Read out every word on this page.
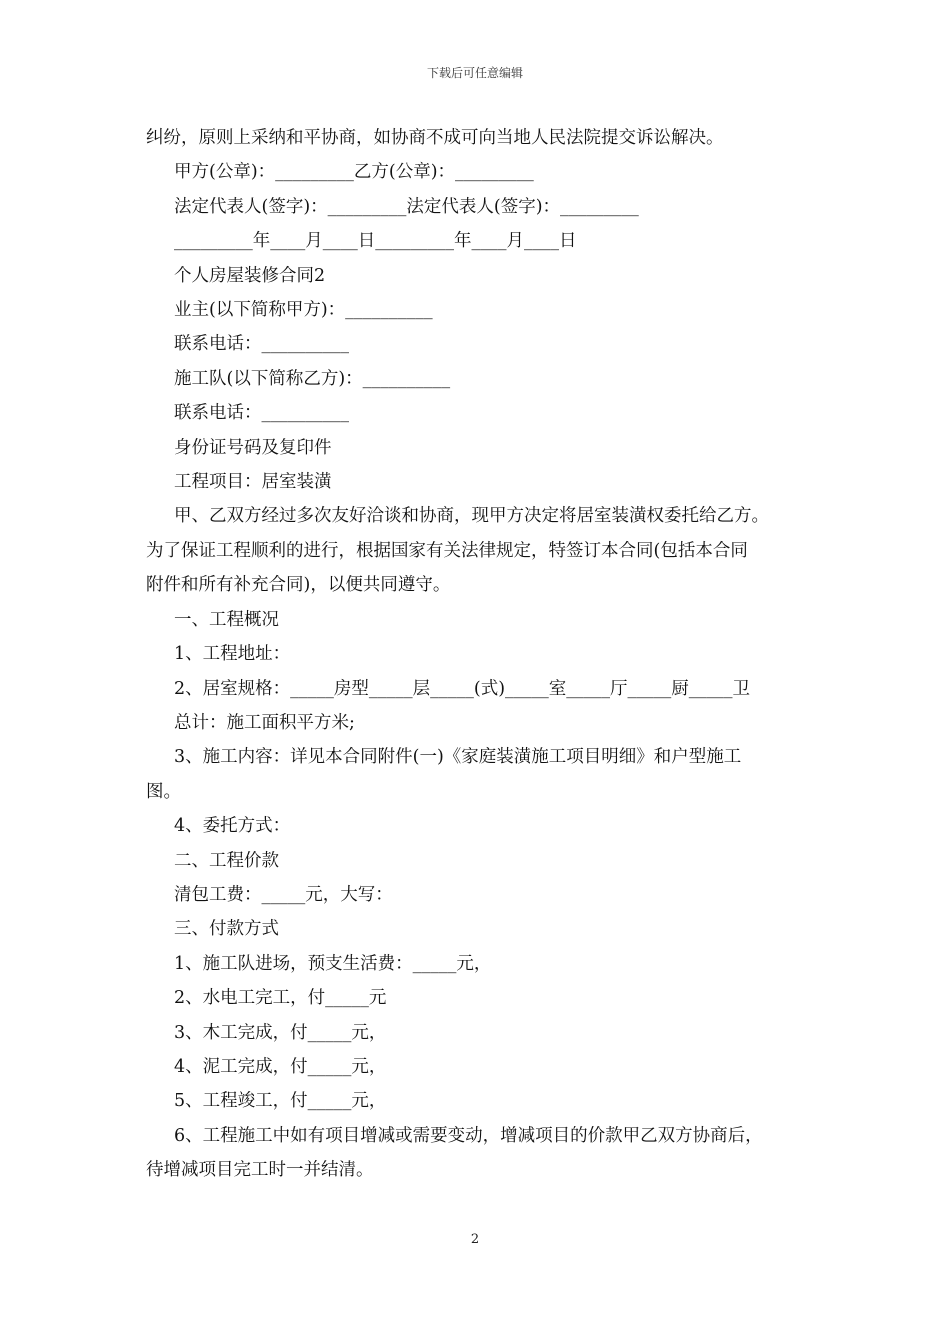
下载后可任意编辑

纠纷，原则上采纳和平协商，如协商不成可向当地人民法院提交诉讼解决。

甲方(公章)：_________乙方(公章)：_________

法定代表人(签字)：_________法定代表人(签字)：_________

_________年____月____日_________年____月____日

个人房屋装修合同2

业主(以下简称甲方)：__________

联系电话：__________

施工队(以下简称乙方)：__________

联系电话：__________

身份证号码及复印件

工程项目：居室装潢

甲、乙双方经过多次友好洽谈和协商，现甲方决定将居室装潢权委托给乙方。

为了保证工程顺利的进行，根据国家有关法律规定，特签订本合同(包括本合同

附件和所有补充合同)，以便共同遵守。

一、工程概况

1、工程地址：

2、居室规格：_____房型_____层_____(式)_____室_____厅_____厨_____卫

总计：施工面积平方米;

3、施工内容：详见本合同附件(一)《家庭装潢施工项目明细》和户型施工

图。

4、委托方式：

二、工程价款

清包工费：_____元，大写：

三、付款方式

1、施工队进场，预支生活费：_____元，

2、水电工完工，付_____元

3、木工完成，付_____元，

4、泥工完成，付_____元，

5、工程竣工，付_____元，

6、工程施工中如有项目增减或需要变动，增减项目的价款甲乙双方协商后，

待增减项目完工时一并结清。

2
